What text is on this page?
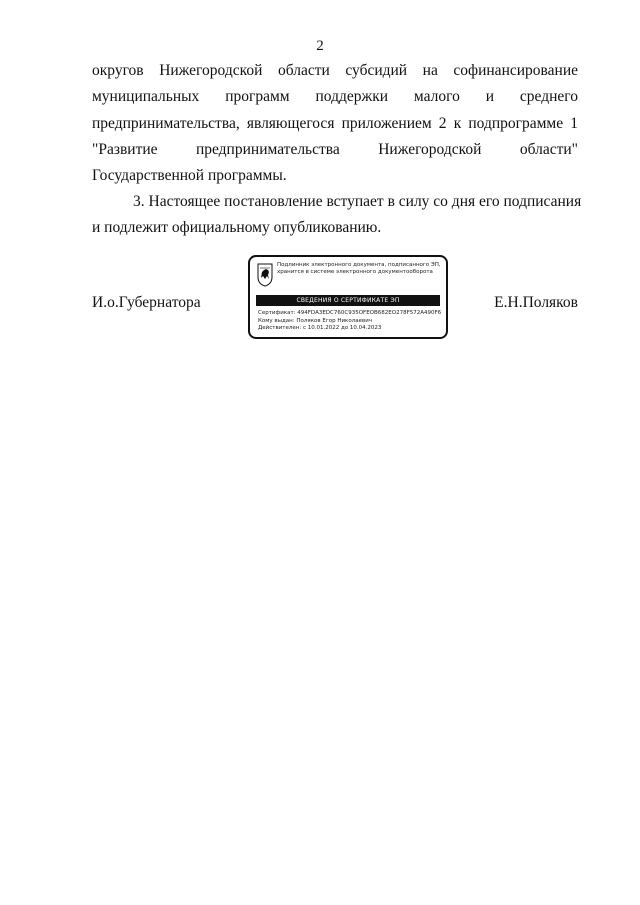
2
округов Нижегородской области субсидий на софинансирование
муниципальных программ поддержки малого и среднего
предпринимательства, являющегося приложением 2 к подпрограмме 1
"Развитие предпринимательства Нижегородской области"
Государственной программы.
3. Настоящее постановление вступает в силу со дня его подписания
и подлежит официальному опубликованию.
И.о.Губернатора	Е.Н.Поляков
Подлинник электронного документа, подписанного ЭП,
хранится в системе электронного документооборота
СВЕДЕНИЯ О СЕРТИФИКАТЕ ЭП
Сертификат: 494FDA3EDC760C935OFEOB682EO278F572A490F6
Кому выдан: Поляков Егор Николаевич
Действителен: с 10.01.2022 до 10.04.2023
